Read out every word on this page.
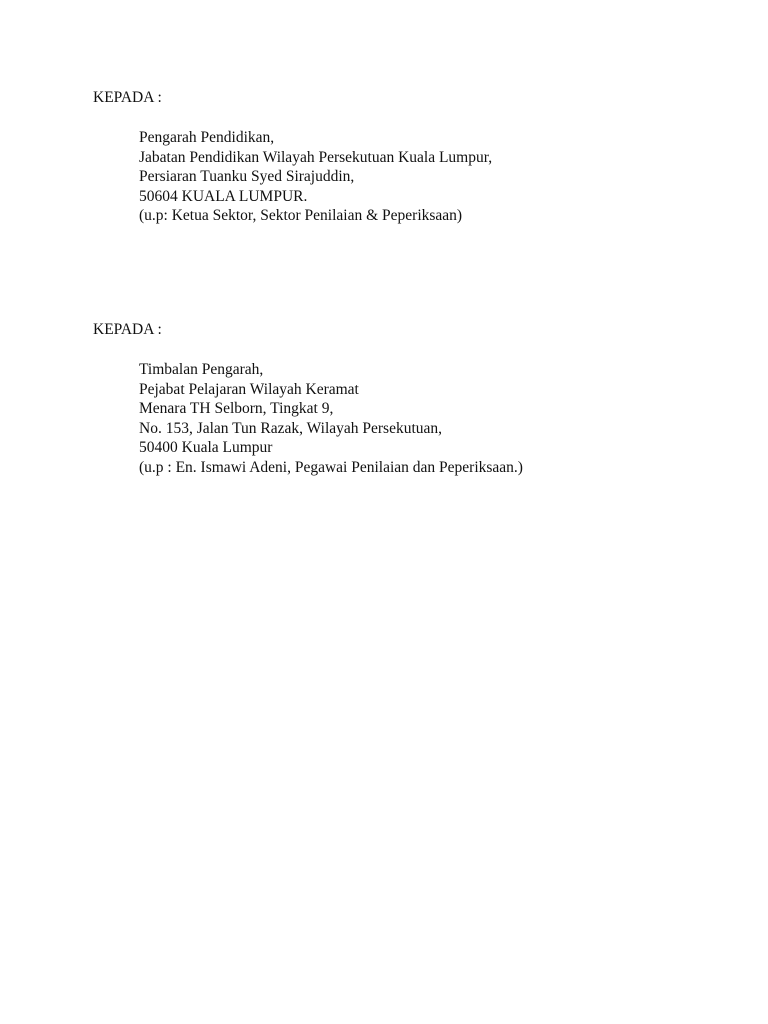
KEPADA :

Pengarah Pendidikan,
Jabatan Pendidikan Wilayah Persekutuan Kuala Lumpur,
Persiaran Tuanku Syed Sirajuddin,
50604 KUALA LUMPUR.
(u.p: Ketua Sektor, Sektor Penilaian & Peperiksaan)

KEPADA :

Timbalan Pengarah,
Pejabat Pelajaran Wilayah Keramat
Menara TH Selborn, Tingkat 9,
No. 153, Jalan Tun Razak, Wilayah Persekutuan,
50400 Kuala Lumpur
(u.p : En. Ismawi Adeni, Pegawai Penilaian dan Peperiksaan.)
